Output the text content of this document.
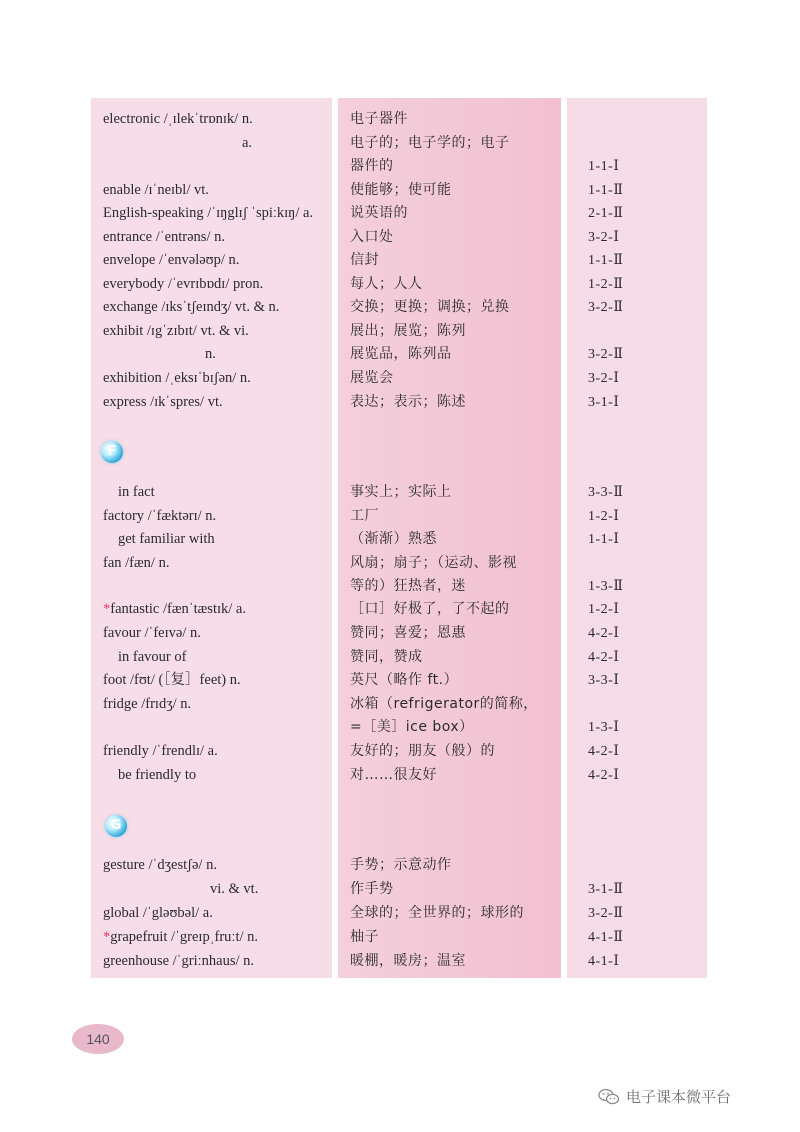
electronic /ˌɪlekˈtrɒnɪk/ n.	电子器件
a.	电子的；电子学的；电子
器件的	1-1-Ⅰ
enable /ɪˈneɪbl/ vt.	使能够；使可能	1-1-Ⅱ
English-speaking /ˈɪŋglɪʃ ˈspiːkɪŋ/ a.	说英语的	2-1-Ⅱ
entrance /ˈentrəns/ n.	入口处	3-2-Ⅰ
envelope /ˈenvələʊp/ n.	信封	1-1-Ⅱ
everybody /ˈevrɪbɒdɪ/ pron.	每人；人人	1-2-Ⅱ
exchange /ɪksˈtʃeɪndʒ/ vt. & n.	交换；更换；调换；兑换	3-2-Ⅱ
exhibit /ɪgˈzɪbɪt/ vt. & vi.	展出；展览；陈列
n.	展览品，陈列品	3-2-Ⅱ
exhibition /ˌeksɪˈbɪʃən/ n.	展览会	3-2-Ⅰ
express /ɪkˈspres/ vt.	表达；表示；陈述	3-1-Ⅰ
F
in fact	事实上；实际上	3-3-Ⅱ
factory /ˈfæktərɪ/ n.	工厂	1-2-Ⅰ
get familiar with	（渐渐）熟悉	1-1-Ⅰ
fan /fæn/ n.	风扇；扇子；（运动、影视
等的）狂热者，迷	1-3-Ⅱ
*fantastic /fænˈtæstɪk/ a.	［口］好极了，了不起的	1-2-Ⅰ
favour /ˈfeɪvə/ n.	赞同；喜爱；恩惠	4-2-Ⅰ
in favour of	赞同，赞成	4-2-Ⅰ
foot /fʊt/ (［复］feet) n.	英尺（略作 ft.）	3-3-Ⅰ
fridge /frɪdʒ/ n.	冰箱（refrigerator的简称，
=［美］ice box）	1-3-Ⅰ
friendly /ˈfrendlɪ/ a.	友好的；朋友（般）的	4-2-Ⅰ
be friendly to	对……很友好	4-2-Ⅰ
G
gesture /ˈdʒestʃə/ n.	手势；示意动作
vi. & vt.	作手势	3-1-Ⅱ
global /ˈgləʊbəl/ a.	全球的；全世界的；球形的	3-2-Ⅱ
*grapefruit /ˈgreɪpˌfruːt/ n.	柚子	4-1-Ⅱ
greenhouse /ˈgriːnhaus/ n.	暖棚，暖房；温室	4-1-Ⅰ
140
电子课本微平台
